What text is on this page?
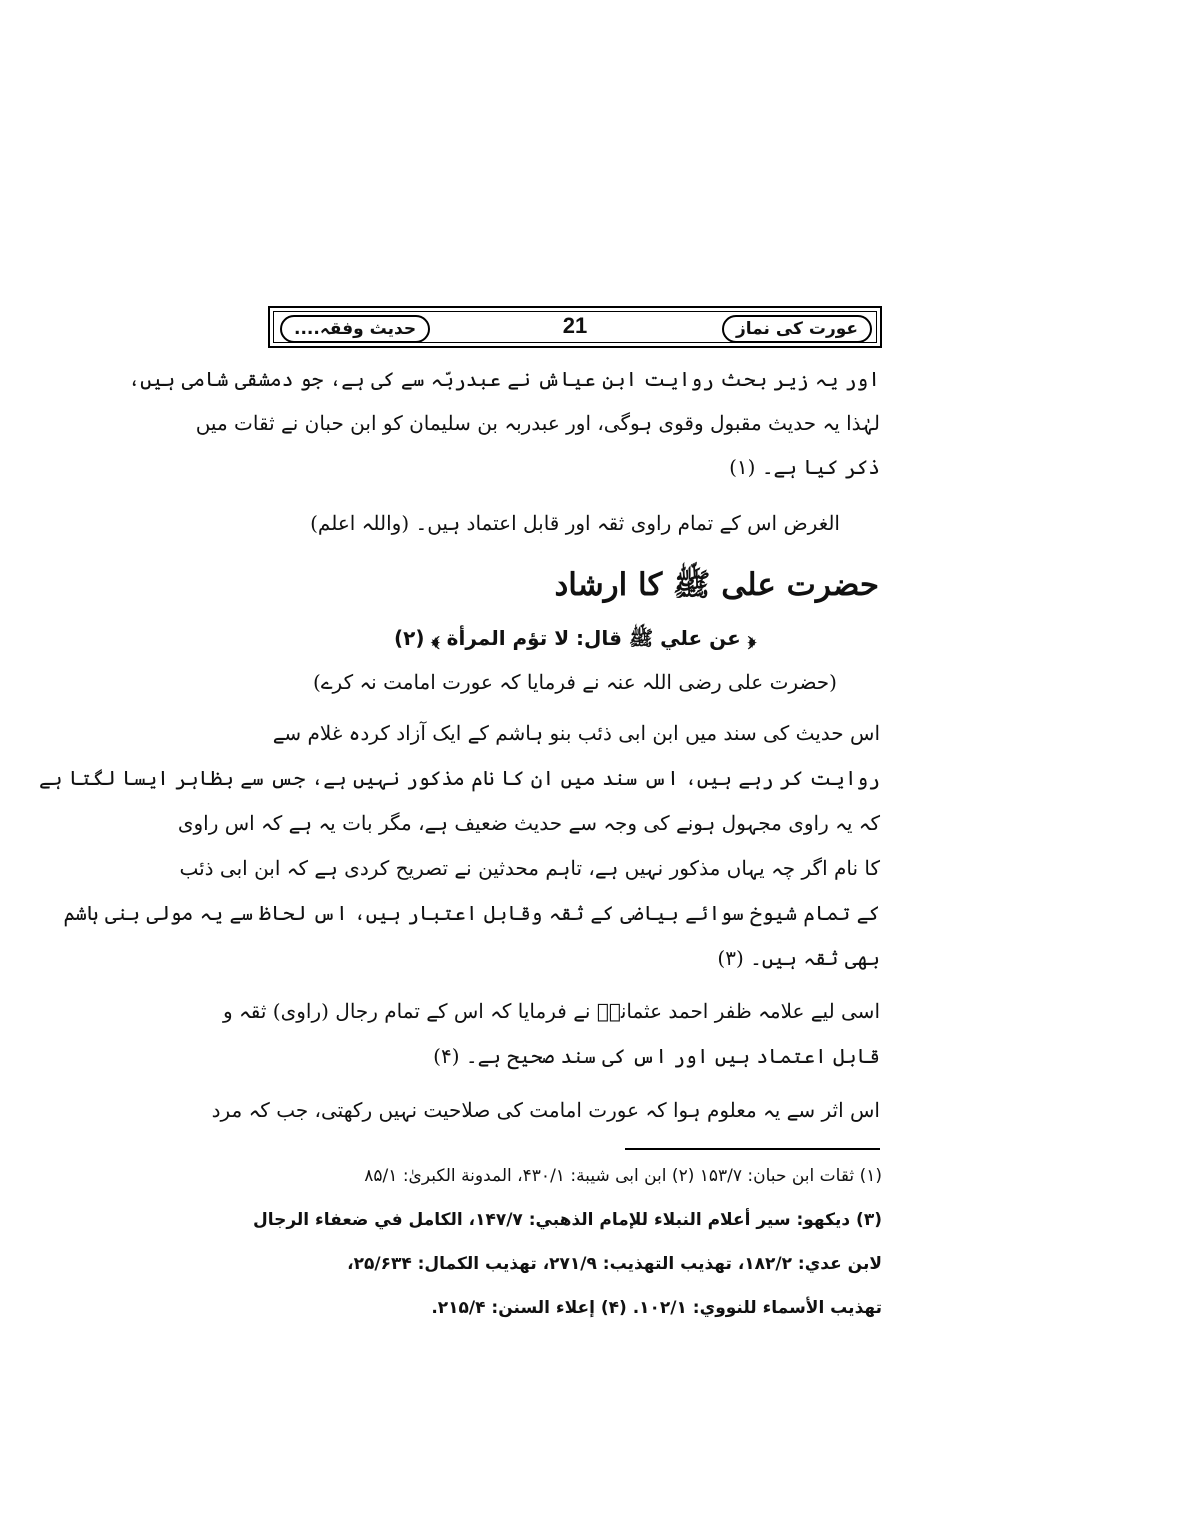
عورت کی نماز
21
حدیث وفقہ....
اور یہ زیر بحث روایت ابن عیاش نے عبدربّہ سے کی ہے، جو دمشقی شامی ہیں،
لہٰذا یہ حدیث مقبول وقوی ہوگی، اور عبدربہ بن سلیمان کو ابن حبان نے ثقات میں
ذکر کیا ہے۔ (۱)
الغرض اس کے تمام راوی ثقہ اور قابل اعتماد ہیں۔ (واللہ اعلم)
حضرت علی ﷺ کا ارشاد
﴿ عن علي ﷺ قال: لا تؤم المرأة ﴾ (۲)
(حضرت علی رضی اللہ عنہ نے فرمایا کہ عورت امامت نہ کرے)
اس حدیث کی سند میں ابن ابی ذئب بنو ہاشم کے ایک آزاد کردہ غلام سے
روایت کر رہے ہیں، اس سند میں ان کا نام مذکور نہیں ہے، جس سے بظاہر ایسا لگتا ہے
کہ یہ راوی مجہول ہونے کی وجہ سے حدیث ضعیف ہے، مگر بات یہ ہے کہ اس راوی
کا نام اگر چہ یہاں مذکور نہیں ہے، تاہم محدثین نے تصریح کردی ہے کہ ابن ابی ذئب
کے تمام شیوخ سوائے بیاضی کے ثقہ وقابل اعتبار ہیں، اس لحاظ سے یہ مولی بنی ہاشم
بھی ثقہ ہیں۔ (۳)
اسی لیے علامہ ظفر احمد عثمانیؒ نے فرمایا کہ اس کے تمام رجال (راوی) ثقہ و
قابل اعتماد ہیں اور اس کی سند صحیح ہے۔ (۴)
اس اثر سے یہ معلوم ہوا کہ عورت امامت کی صلاحیت نہیں رکھتی، جب کہ مرد
(۱) ثقات ابن حبان: ۱۵۳/۷ (۲) ابن ابی شیبة: ۴۳۰/۱، المدونة الكبرىٰ: ۸۵/۱
(۳) دیکھو: سير أعلام النبلاء للإمام الذهبي: ۱۴۷/۷، الكامل في ضعفاء الرجال
لابن عدي: ۱۸۲/۲، تهذيب التهذيب: ۲۷۱/۹، تهذيب الكمال: ۲۵/۶۳۴،
تهذيب الأسماء للنووي: ۱۰۲/۱. (۴) إعلاء السنن: ۲۱۵/۴.
